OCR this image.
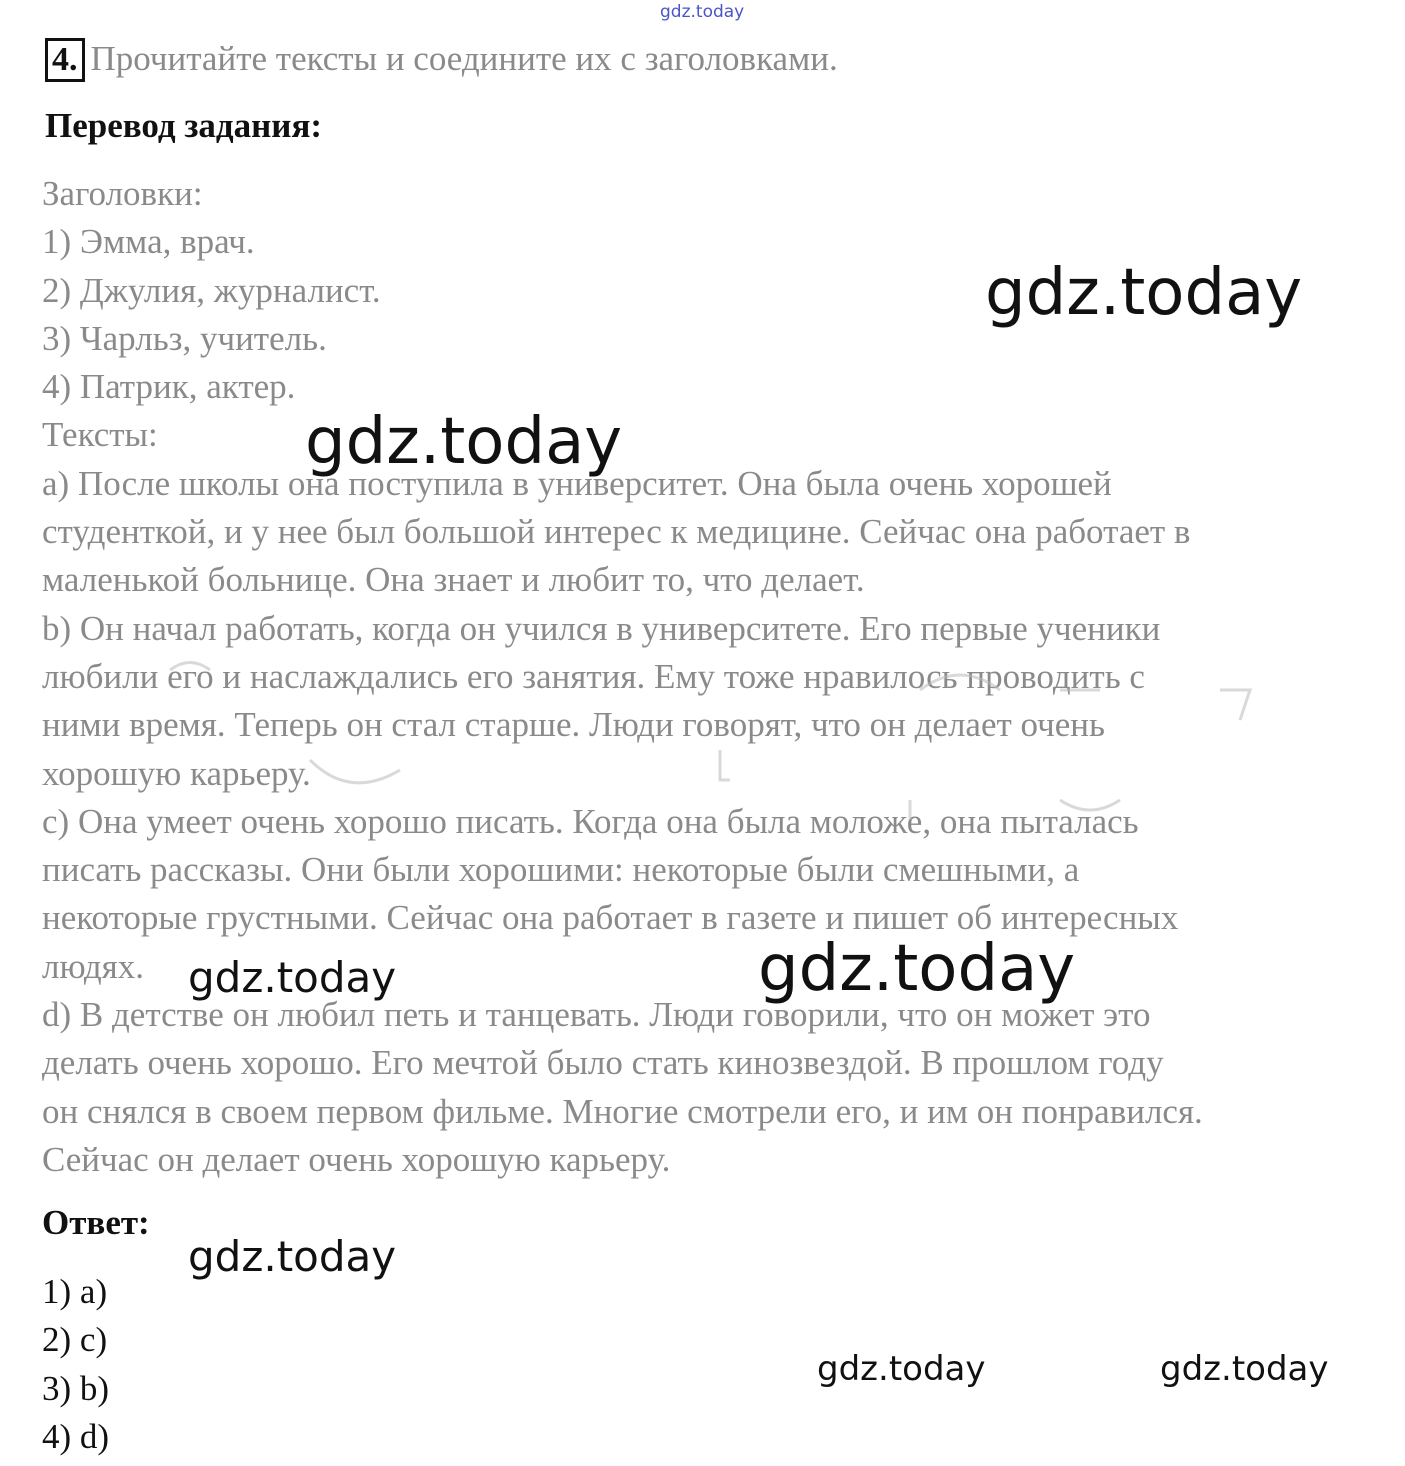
gdz.today
gdz.today
gdz.today
gdz.today
gdz.today
gdz.today
gdz.today	gdz.today
4. Прочитайте тексты и соедините их с заголовками.
Перевод задания:
Заголовки:
1) Эмма, врач.
2) Джулия, журналист.
3) Чарльз, учитель.
4) Патрик, актер.
Тексты:
a) После школы она поступила в университет. Она была очень хорошей
студенткой, и у нее был большой интерес к медицине. Сейчас она работает в
маленькой больнице. Она знает и любит то, что делает.
b) Он начал работать, когда он учился в университете. Его первые ученики
любили его и наслаждались его занятия. Ему тоже нравилось проводить с
ними время. Теперь он стал старше. Люди говорят, что он делает очень
хорошую карьеру.
c) Она умеет очень хорошо писать. Когда она была моложе, она пыталась
писать рассказы. Они были хорошими: некоторые были смешными, а
некоторые грустными. Сейчас она работает в газете и пишет об интересных
людях.
d) В детстве он любил петь и танцевать. Люди говорили, что он может это
делать очень хорошо. Его мечтой было стать кинозвездой. В прошлом году
он снялся в своем первом фильме. Многие смотрели его, и им он понравился.
Сейчас он делает очень хорошую карьеру.
Ответ:
1) a)
2) c)
3) b)
4) d)
